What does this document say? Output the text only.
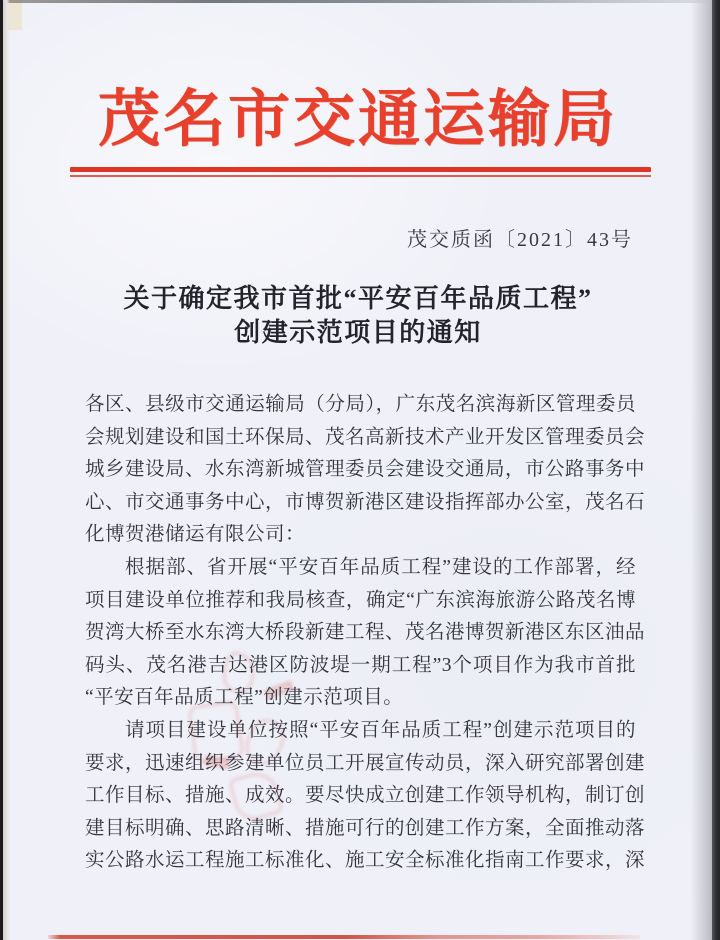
茂名市交通运输局
茂交质函〔2021〕43号
关于确定我市首批“平安百年品质工程”
创建示范项目的通知
各区、县级市交通运输局（分局），广东茂名滨海新区管理委员
会规划建设和国土环保局、茂名高新技术产业开发区管理委员会
城乡建设局、水东湾新城管理委员会建设交通局，市公路事务中
心、市交通事务中心，市博贺新港区建设指挥部办公室，茂名石
化博贺港储运有限公司：
根据部、省开展“平安百年品质工程”建设的工作部署，经
项目建设单位推荐和我局核查，确定“广东滨海旅游公路茂名博
贺湾大桥至水东湾大桥段新建工程、茂名港博贺新港区东区油品
码头、茂名港吉达港区防波堤一期工程”3个项目作为我市首批
“平安百年品质工程”创建示范项目。
请项目建设单位按照“平安百年品质工程”创建示范项目的
要求，迅速组织参建单位员工开展宣传动员，深入研究部署创建
工作目标、措施、成效。要尽快成立创建工作领导机构，制订创
建目标明确、思路清晰、措施可行的创建工作方案，全面推动落
实公路水运工程施工标准化、施工安全标准化指南工作要求，深
